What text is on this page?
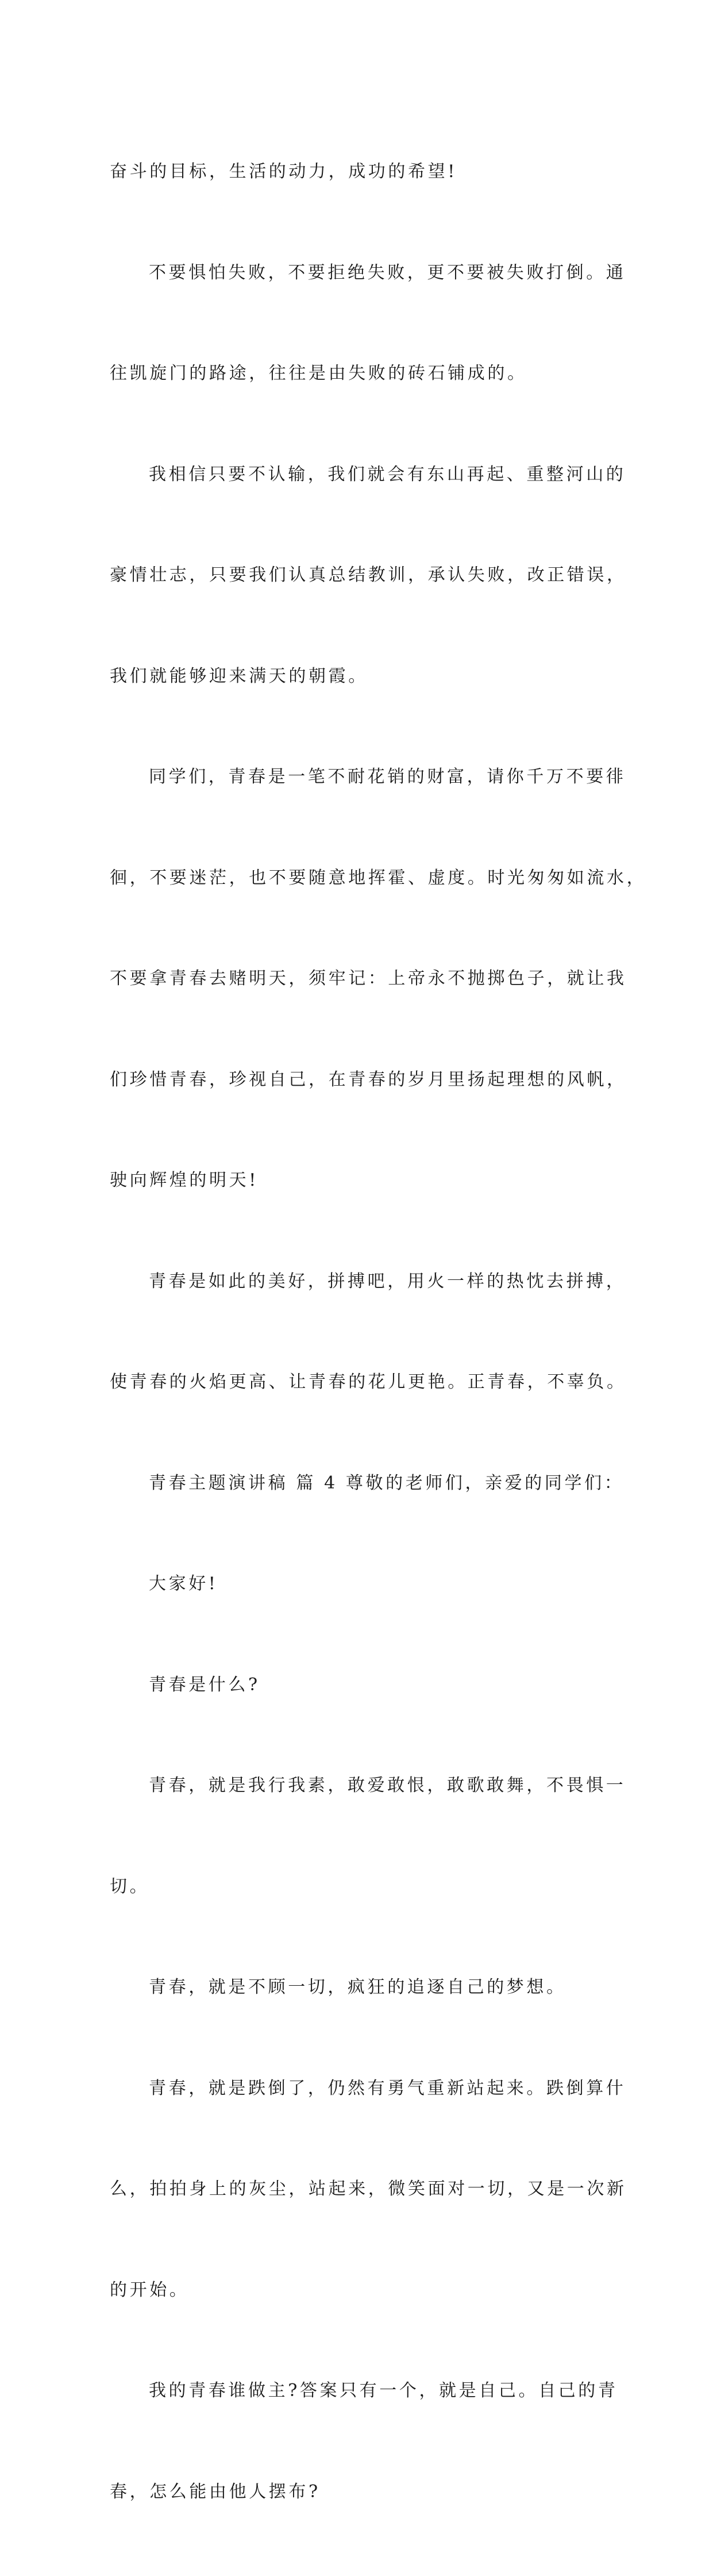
奋斗的目标，生活的动力，成功的希望!

不要惧怕失败，不要拒绝失败，更不要被失败打倒。通

往凯旋门的路途，往往是由失败的砖石铺成的。

我相信只要不认输，我们就会有东山再起、重整河山的

豪情壮志，只要我们认真总结教训，承认失败，改正错误，

我们就能够迎来满天的朝霞。

同学们，青春是一笔不耐花销的财富，请你千万不要徘

徊，不要迷茫，也不要随意地挥霍、虚度。时光匆匆如流水，

不要拿青春去赌明天，须牢记：上帝永不抛掷色子，就让我

们珍惜青春，珍视自己，在青春的岁月里扬起理想的风帆，

驶向辉煌的明天!

青春是如此的美好，拼搏吧，用火一样的热忱去拼搏，

使青春的火焰更高、让青春的花儿更艳。正青春，不辜负。

青春主题演讲稿 篇 4 尊敬的老师们，亲爱的同学们：

大家好!

青春是什么?

青春，就是我行我素，敢爱敢恨，敢歌敢舞，不畏惧一

切。

青春，就是不顾一切，疯狂的追逐自己的梦想。

青春，就是跌倒了，仍然有勇气重新站起来。跌倒算什

么，拍拍身上的灰尘，站起来，微笑面对一切，又是一次新

的开始。

我的青春谁做主?答案只有一个，就是自己。自己的青

春，怎么能由他人摆布?
